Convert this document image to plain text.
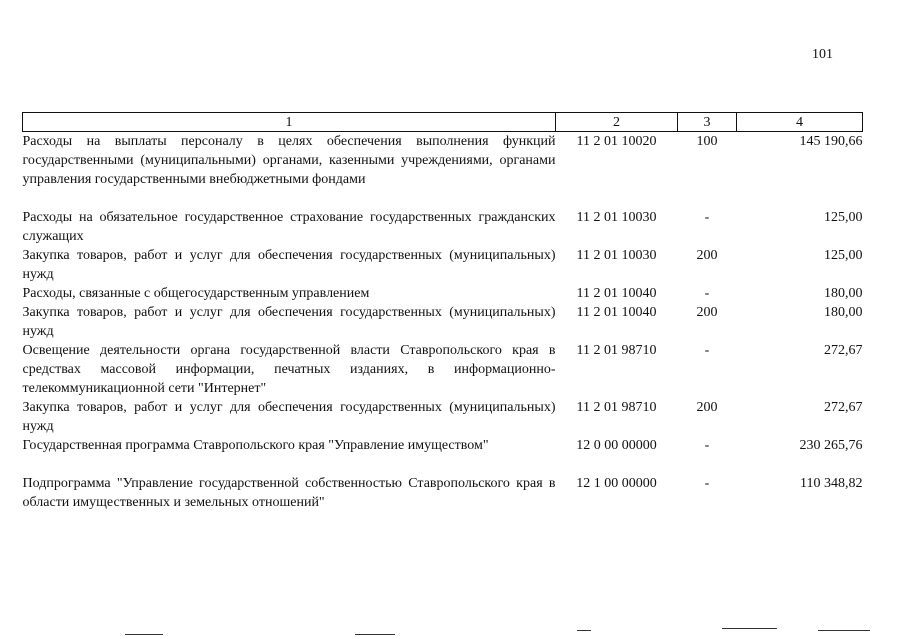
101
1	2	3	4
Расходы на выплаты персоналу в целях обеспечения выполнения функций государственными (муниципальными) органами, казенными учреждениями, органами управления государственными внебюджетными фондами	11 2 01 10020	100	145 190,66
Расходы на обязательное государственное страхование государственных гражданских служащих	11 2 01 10030	-	125,00
Закупка товаров, работ и услуг для обеспечения государственных (муниципальных) нужд	11 2 01 10030	200	125,00
Расходы, связанные с общегосударственным управлением	11 2 01 10040	-	180,00
Закупка товаров, работ и услуг для обеспечения государственных (муниципальных) нужд	11 2 01 10040	200	180,00
Освещение деятельности органа государственной власти Ставропольского края в средствах массовой информации, печатных изданиях, в информационно-телекоммуникационной сети "Интернет"	11 2 01 98710	-	272,67
Закупка товаров, работ и услуг для обеспечения государственных (муниципальных) нужд	11 2 01 98710	200	272,67
Государственная программа Ставропольского края "Управление имуществом"	12 0 00 00000	-	230 265,76
Подпрограмма "Управление государственной собственностью Ставропольского края в области имущественных и земельных отношений"	12 1 00 00000	-	110 348,82
